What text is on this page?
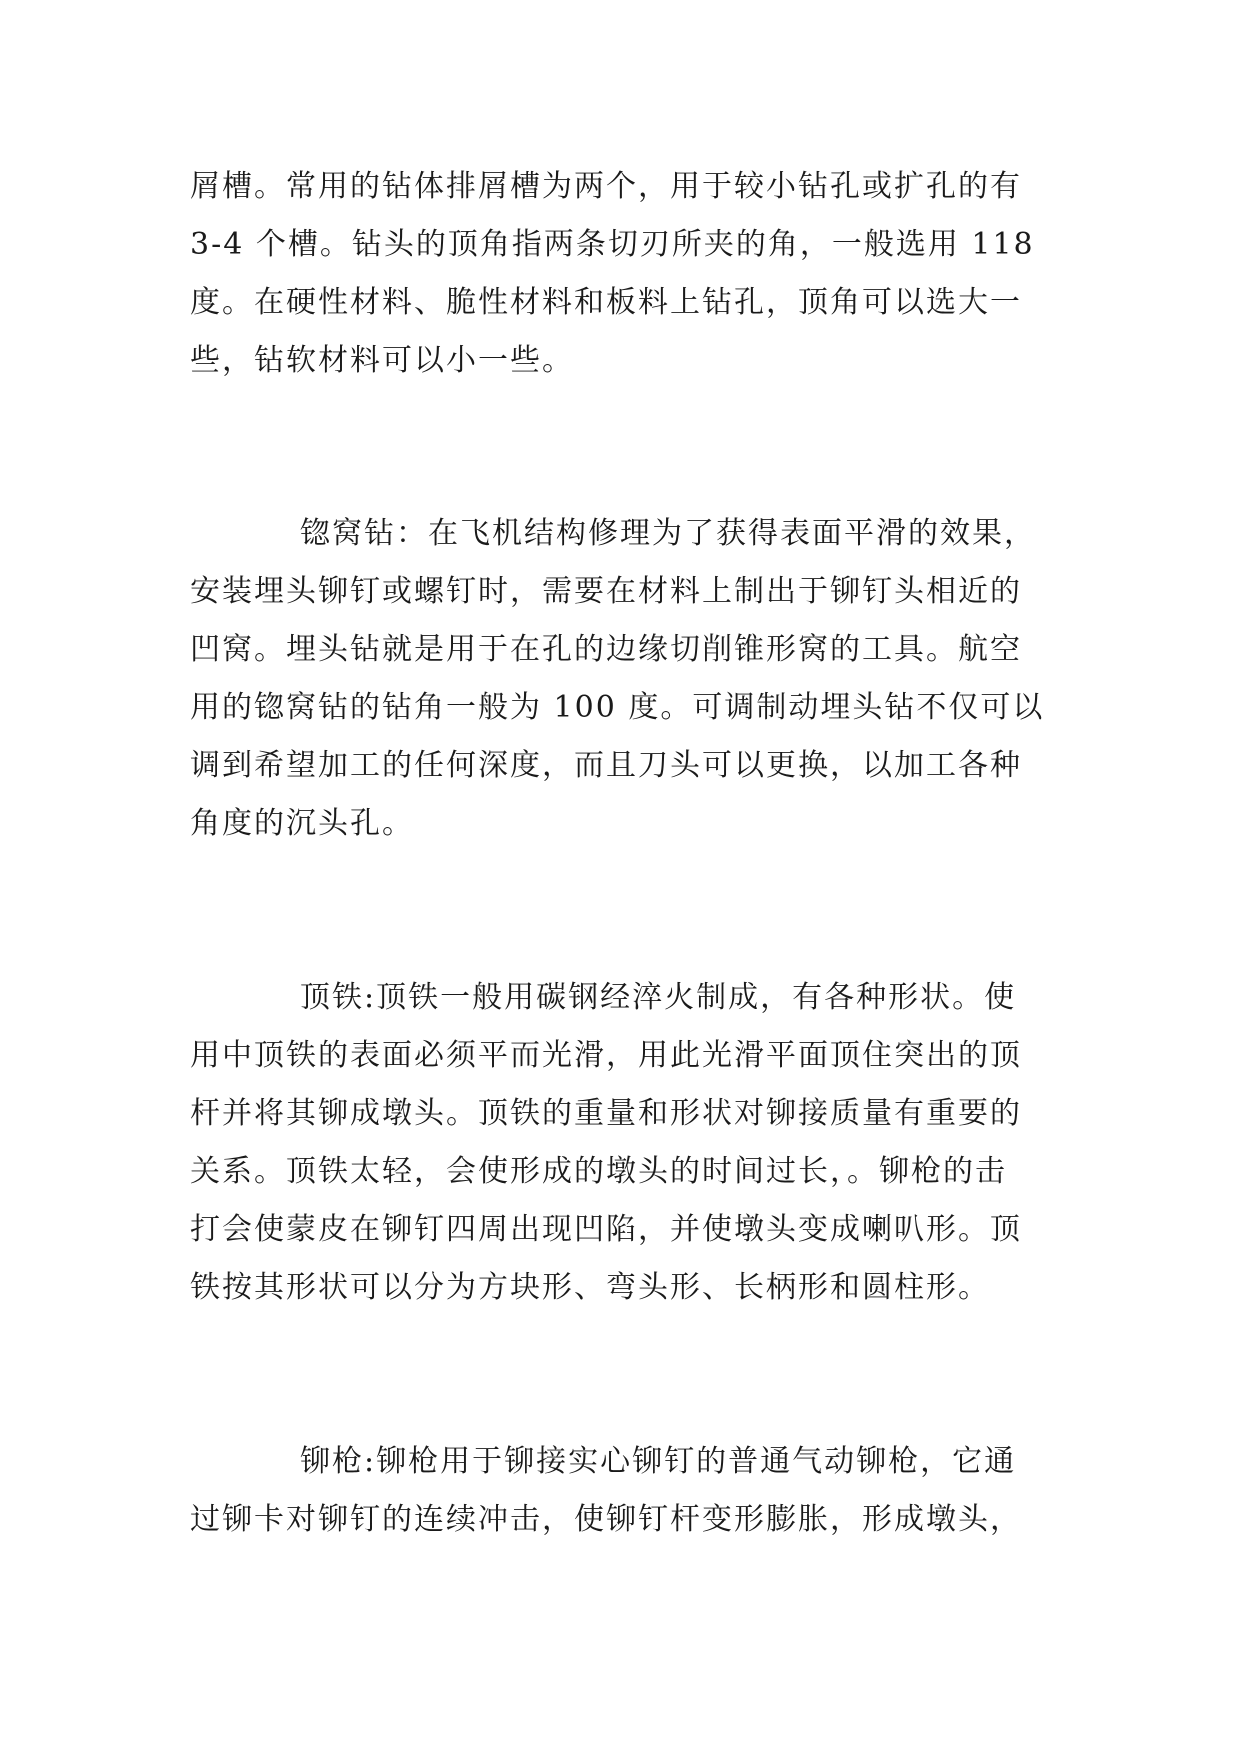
屑槽。常用的钻体排屑槽为两个，用于较小钻孔或扩孔的有
3-4 个槽。钻头的顶角指两条切刃所夹的角，一般选用 118
度。在硬性材料、脆性材料和板料上钻孔，顶角可以选大一
些，钻软材料可以小一些。

锪窝钻：在飞机结构修理为了获得表面平滑的效果，
安装埋头铆钉或螺钉时，需要在材料上制出于铆钉头相近的
凹窝。埋头钻就是用于在孔的边缘切削锥形窝的工具。航空
用的锪窝钻的钻角一般为 100 度。可调制动埋头钻不仅可以
调到希望加工的任何深度，而且刀头可以更换，以加工各种
角度的沉头孔。

顶铁:顶铁一般用碳钢经淬火制成，有各种形状。使
用中顶铁的表面必须平而光滑，用此光滑平面顶住突出的顶
杆并将其铆成墩头。顶铁的重量和形状对铆接质量有重要的
关系。顶铁太轻，会使形成的墩头的时间过长，。铆枪的击
打会使蒙皮在铆钉四周出现凹陷，并使墩头变成喇叭形。顶
铁按其形状可以分为方块形、弯头形、长柄形和圆柱形。

铆枪:铆枪用于铆接实心铆钉的普通气动铆枪，它通
过铆卡对铆钉的连续冲击，使铆钉杆变形膨胀，形成墩头，
